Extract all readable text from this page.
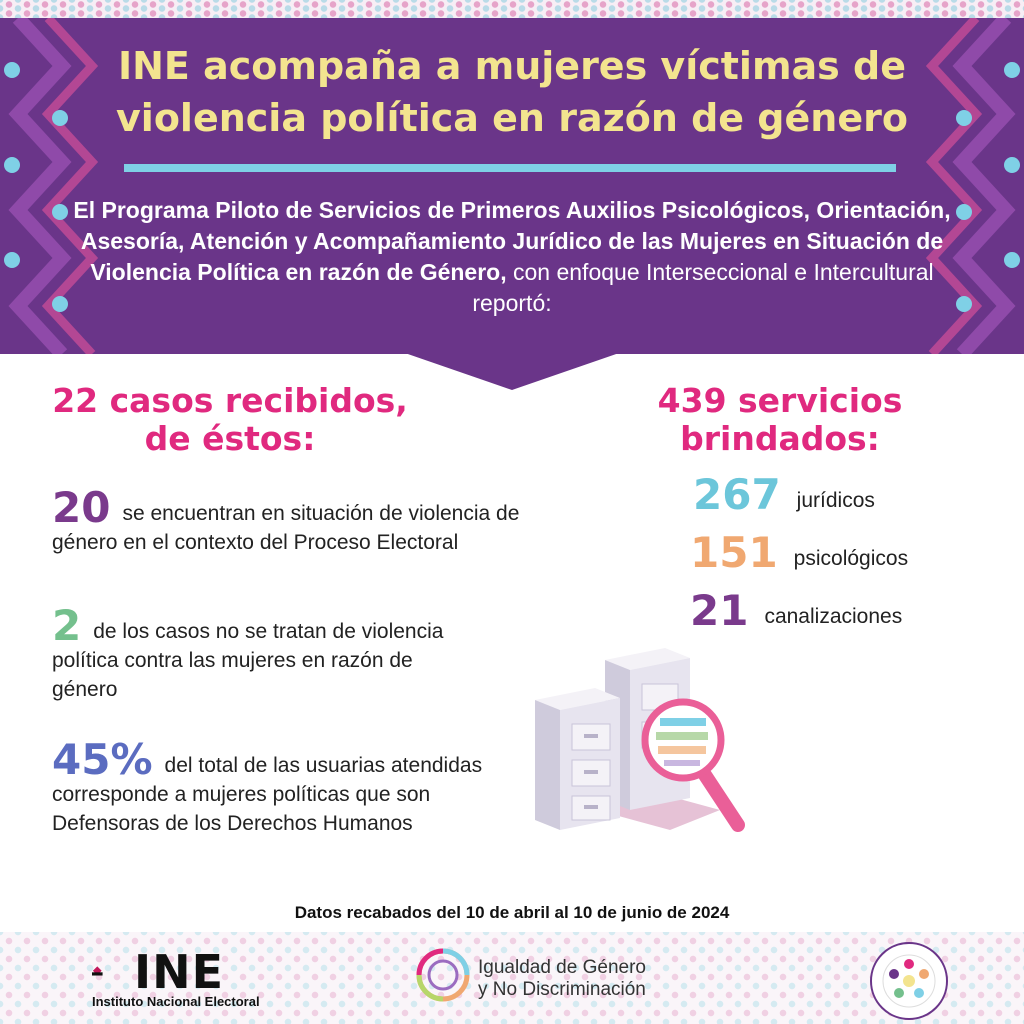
INE acompaña a mujeres víctimas de violencia política en razón de género

El Programa Piloto de Servicios de Primeros Auxilios Psicológicos, Orientación, Asesoría, Atención y Acompañamiento Jurídico de las Mujeres en Situación de Violencia Política en razón de Género, con enfoque Interseccional e Intercultural reportó:

22 casos recibidos,
de éstos:

20 se encuentran en situación de violencia de género en el contexto del Proceso Electoral

2 de los casos no se tratan de violencia política contra las mujeres en razón de género

45% del total de las usuarias atendidas corresponde a mujeres políticas que son Defensoras de los Derechos Humanos

439 servicios
brindados:
267 jurídicos
151 psicológicos
21 canalizaciones

Datos recabados del 10 de abril al 10 de junio de 2024

INE

Instituto Nacional Electoral

Igualdad de Género
y No Discriminación
